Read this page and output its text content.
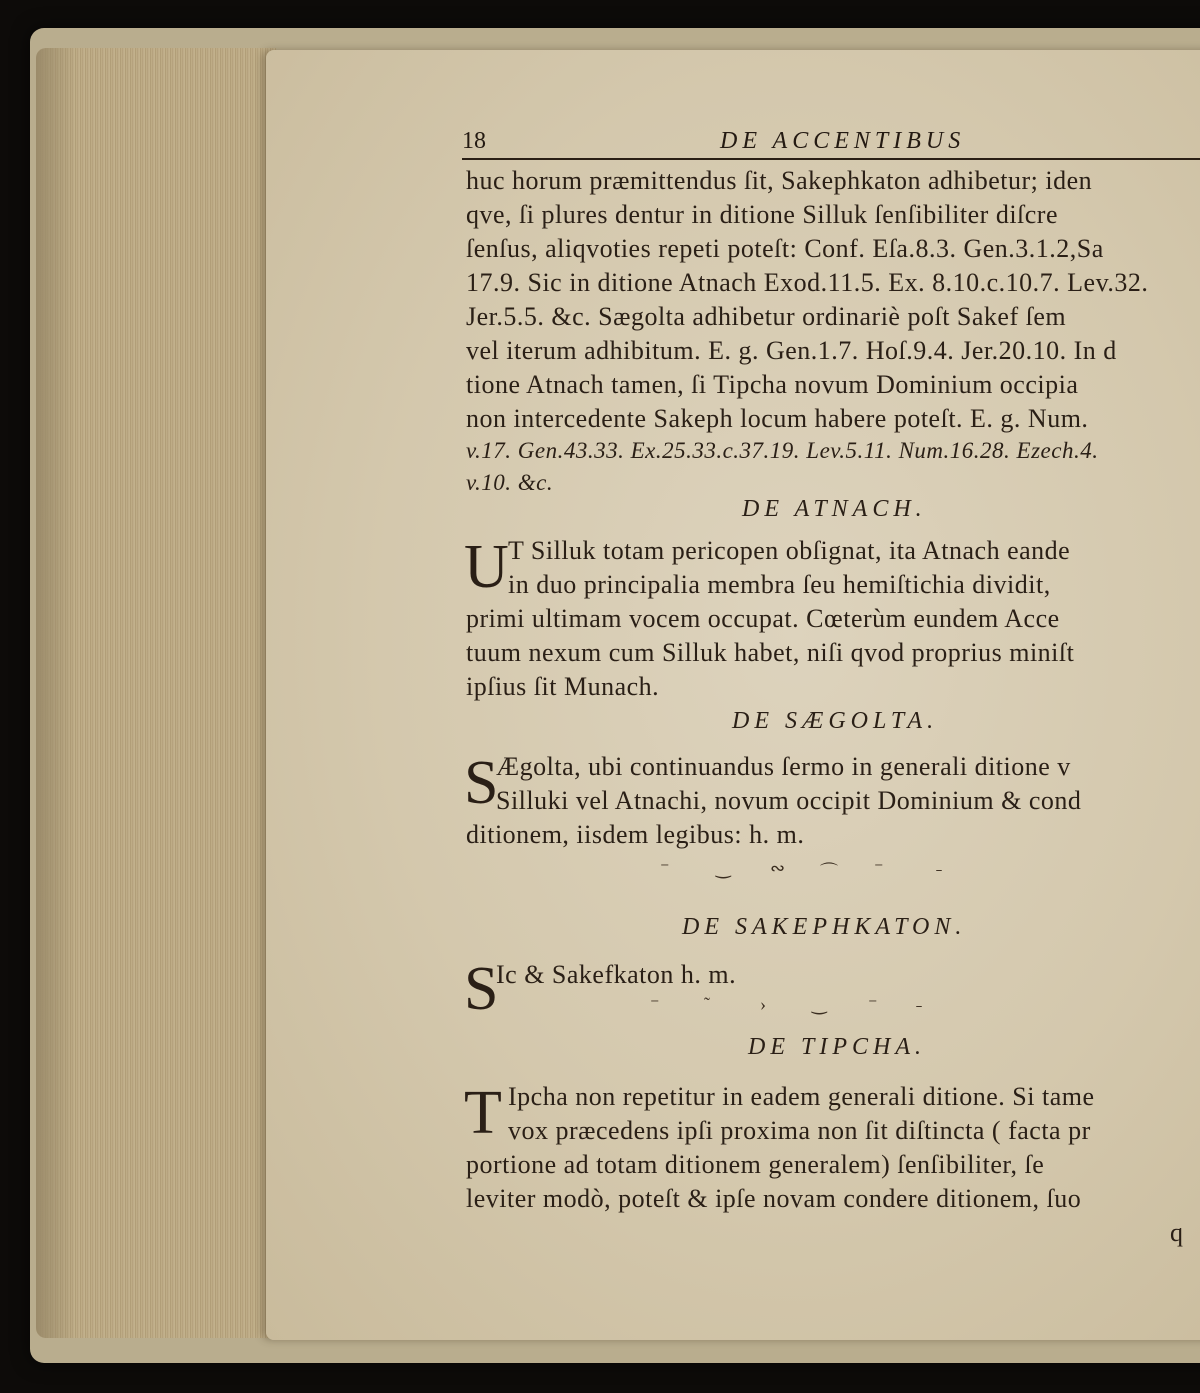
18	DE ACCENTIBUS
huc horum præmittendus ſit, Sakephkaton adhibetur; iden
qve, ſi plures dentur in ditione Silluk ſenſibiliter diſcre
ſenſus, aliqvoties repeti poteſt: Conf. Eſa.8.3. Gen.3.1.2,Sa
17.9. Sic in ditione Atnach Exod.11.5. Ex. 8.10.c.10.7. Lev.32.
Jer.5.5. &c. Sægolta adhibetur ordinariè poſt Sakef ſem
vel iterum adhibitum. E. g. Gen.1.7. Hoſ.9.4. Jer.20.10. In d
tione Atnach tamen, ſi Tipcha novum Dominium occipia
non intercedente Sakeph locum habere poteſt. E. g. Num.
v.17. Gen.43.33. Ex.25.33.c.37.19. Lev.5.11. Num.16.28. Ezech.4.
v.10. &c.
DE ATNACH.
U T Silluk totam pericopen obſignat, ita Atnach eande
in duo principalia membra ſeu hemiſtichia dividit,
primi ultimam vocem occupat. Cœterùm eundem Acce
tuum nexum cum Silluk habet, niſi qvod proprius miniſt
ipſius ſit Munach.
DE SÆGOLTA.
S
Ægolta, ubi continuandus ſermo in generali ditione v
Silluki vel Atnachi, novum occipit Dominium & cond
ditionem, iisdem legibus: h. m.
⁻	‿ ∾ ⌒ ⁻	˗
DE SAKEPHKATON.
S
Ic & Sakefkaton h. m.
⁻ ˜	›	‿ ⁻ ˗
DE TIPCHA.
T Ipcha non repetitur in eadem generali ditione. Si tame
vox præcedens ipſi proxima non ſit diſtincta ( facta pr
portione ad totam ditionem generalem) ſenſibiliter, ſe
leviter modò, poteſt & ipſe novam condere ditionem, ſuo
q
